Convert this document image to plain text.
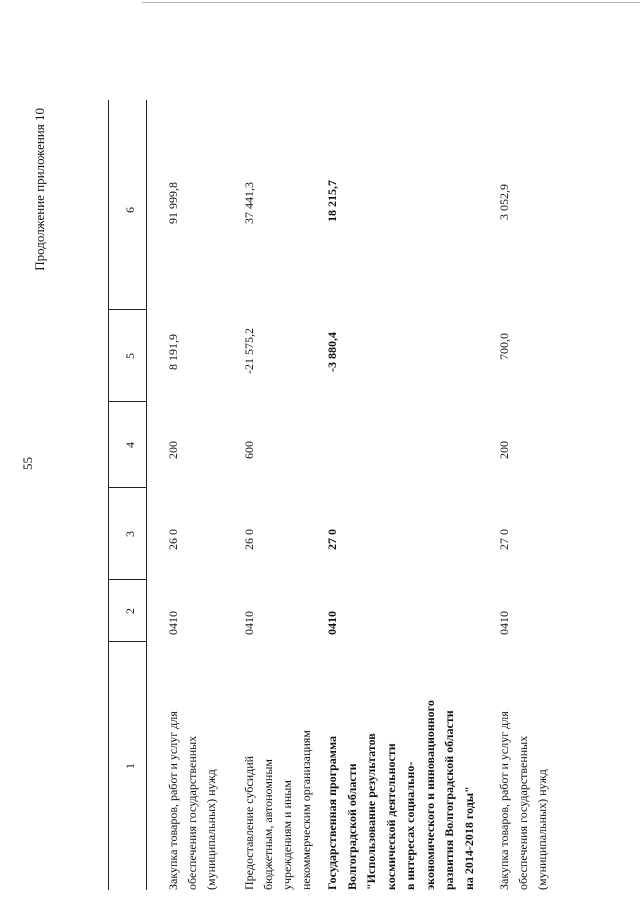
55
Продолжение приложения 10
1
2
3
4
5
6
Закупка товаров, работ и услуг для обеспечения государственных (муниципальных) нужд
0410
26 0
200
8 191,9
91 999,8
Предоставление субсидий бюджетным, автономным учреждениям и иным некоммерческим организациям
0410
26 0
600
-21 575,2
37 441,3
Государственная программа Волгоградской области "Использование результатов космической деятельности в интересах социально- экономического и инновационного развития Волгоградской области на 2014-2018 годы"
0410
27 0
-3 880,4
18 215,7
Закупка товаров, работ и услуг для обеспечения государственных (муниципальных) нужд
0410
27 0
200
700,0
3 052,9
